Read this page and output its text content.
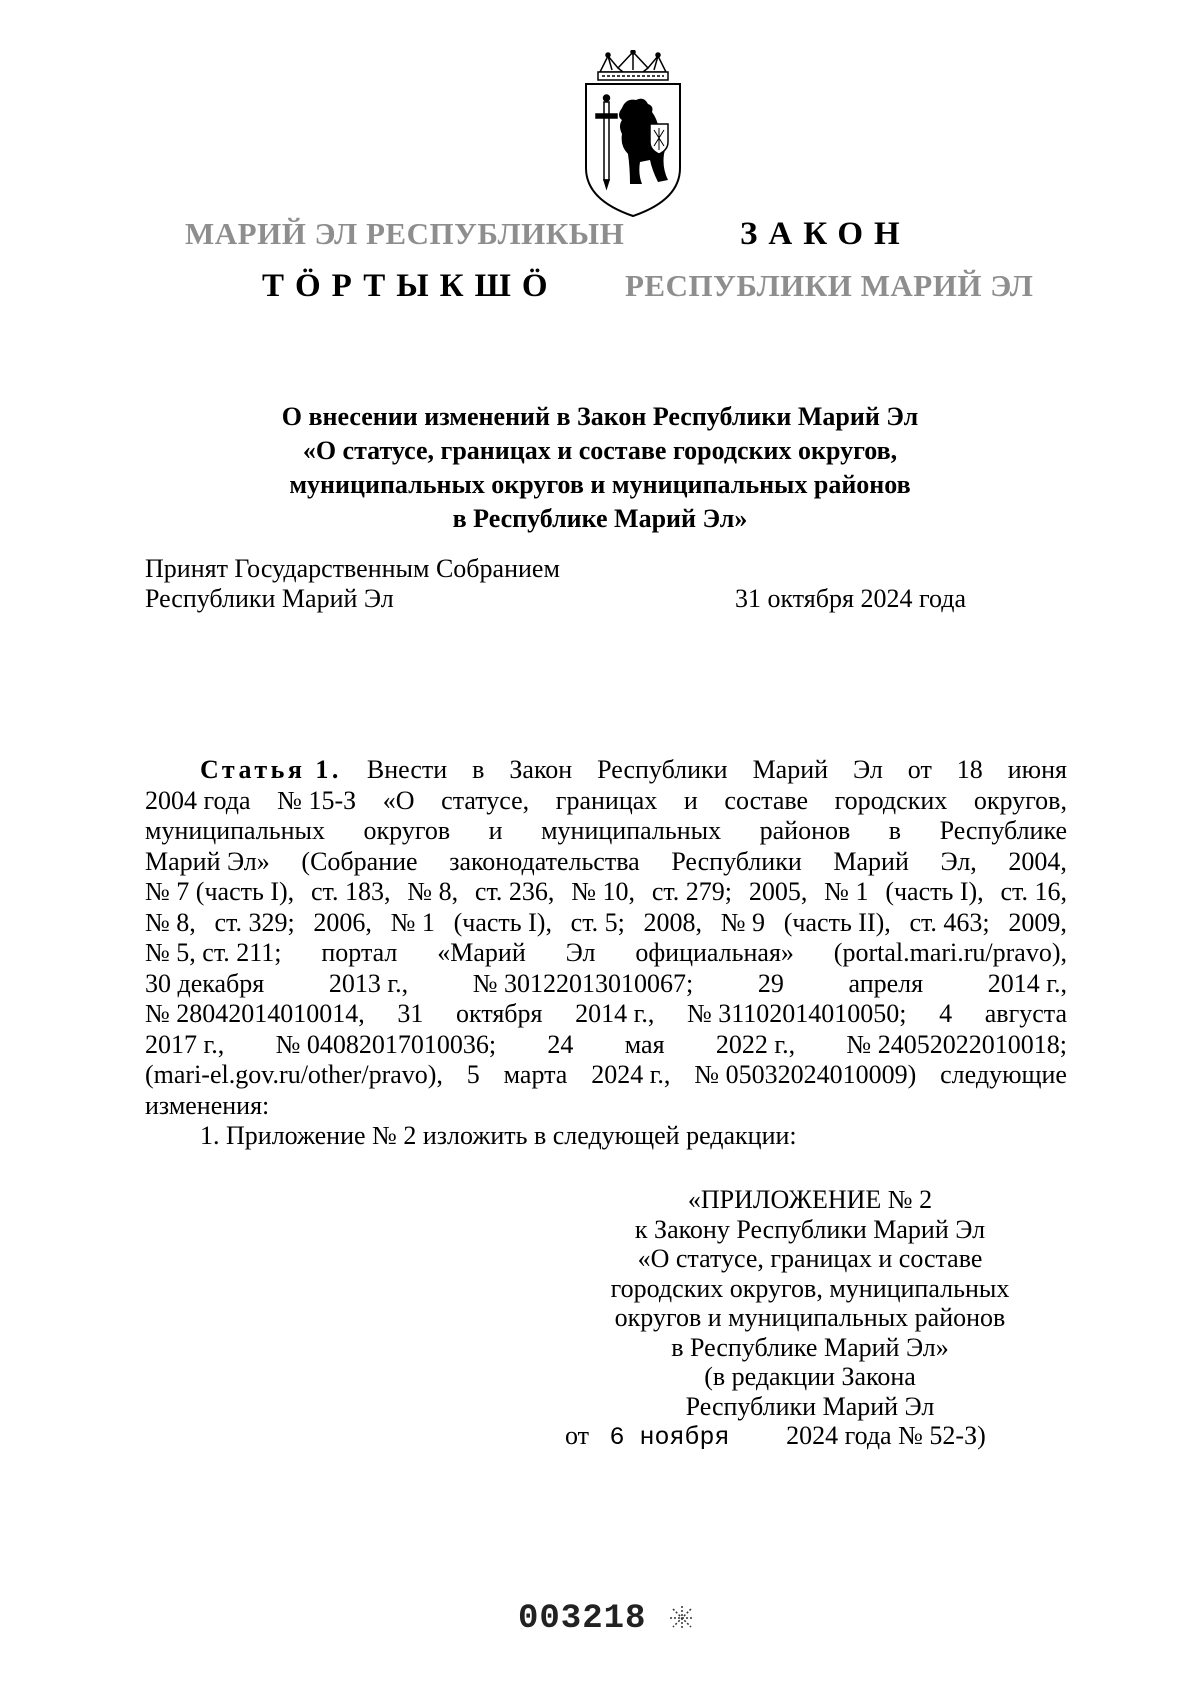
МАРИЙ ЭЛ РЕСПУБЛИКЫН
ТӦРТЫКШӦ
ЗАКОН
РЕСПУБЛИКИ МАРИЙ ЭЛ
О внесении изменений в Закон Республики Марий Эл
«О статусе, границах и составе городских округов,
муниципальных округов и муниципальных районов
в Республике Марий Эл»
Принят Государственным Собранием
Республики Марий Эл	31 октября 2024 года
Статья 1. Внести в Закон Республики Марий Эл от 18 июня
2004 года № 15-З «О статусе, границах и составе городских округов,
муниципальных округов и муниципальных районов в Республике
Марий Эл» (Собрание законодательства Республики Марий Эл, 2004,
№ 7 (часть I), ст. 183, № 8, ст. 236, № 10, ст. 279; 2005, № 1 (часть I), ст. 16,
№ 8, ст. 329; 2006, № 1 (часть I), ст. 5; 2008, № 9 (часть II), ст. 463; 2009,
№ 5, ст. 211; портал «Марий Эл официальная» (portal.mari.ru/pravo),
30 декабря 2013 г., № 30122013010067; 29 апреля 2014 г.,
№ 28042014010014, 31 октября 2014 г., № 31102014010050; 4 августа
2017 г., № 04082017010036; 24 мая 2022 г., № 24052022010018;
(mari-el.gov.ru/other/pravo), 5 марта 2024 г., № 05032024010009) следующие
изменения:
1. Приложение № 2 изложить в следующей редакции:
«ПРИЛОЖЕНИЕ № 2
к Закону Республики Марий Эл
«О статусе, границах и составе
городских округов, муниципальных
округов и муниципальных районов
в Республике Марий Эл»
(в редакции Закона
Республики Марий Эл
от 6 ноября 2024 года № 52-З)
003218
